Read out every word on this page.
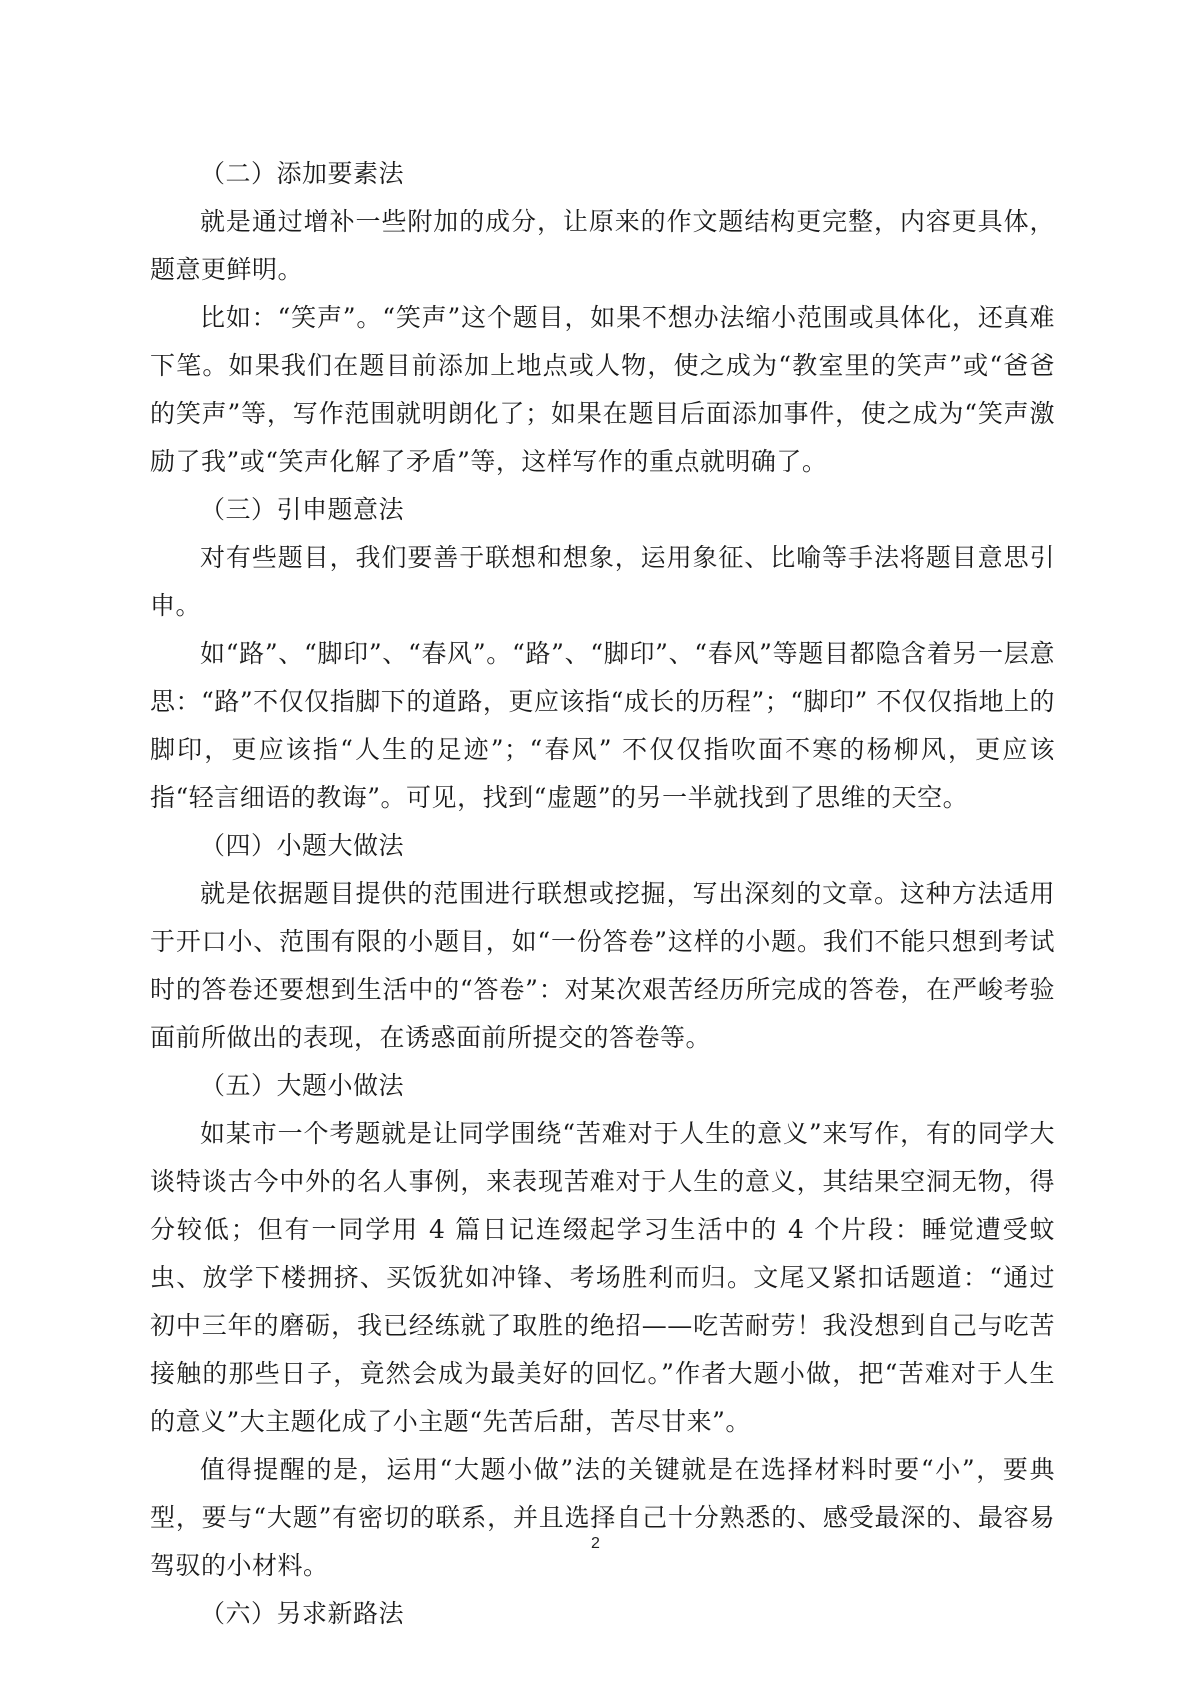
（二）添加要素法

就是通过增补一些附加的成分，让原来的作文题结构更完整，内容更具体，题意更鲜明。

比如：“笑声”。“笑声”这个题目，如果不想办法缩小范围或具体化，还真难下笔。如果我们在题目前添加上地点或人物，使之成为“教室里的笑声”或“爸爸的笑声”等，写作范围就明朗化了；如果在题目后面添加事件，使之成为“笑声激励了我”或“笑声化解了矛盾”等，这样写作的重点就明确了。

（三）引申题意法

对有些题目，我们要善于联想和想象，运用象征、比喻等手法将题目意思引申。

如“路”、“脚印”、“春风”。“路”、“脚印”、“春风”等题目都隐含着另一层意思：“路”不仅仅指脚下的道路，更应该指“成长的历程”；“脚印” 不仅仅指地上的脚印，更应该指“人生的足迹”；“春风” 不仅仅指吹面不寒的杨柳风，更应该指“轻言细语的教诲”。可见，找到“虚题”的另一半就找到了思维的天空。

（四）小题大做法

就是依据题目提供的范围进行联想或挖掘，写出深刻的文章。这种方法适用于开口小、范围有限的小题目，如“一份答卷”这样的小题。我们不能只想到考试时的答卷还要想到生活中的“答卷”：对某次艰苦经历所完成的答卷，在严峻考验面前所做出的表现，在诱惑面前所提交的答卷等。

（五）大题小做法

如某市一个考题就是让同学围绕“苦难对于人生的意义”来写作，有的同学大谈特谈古今中外的名人事例，来表现苦难对于人生的意义，其结果空洞无物，得分较低；但有一同学用 4 篇日记连缀起学习生活中的 4 个片段：睡觉遭受蚊虫、放学下楼拥挤、买饭犹如冲锋、考场胜利而归。文尾又紧扣话题道：“通过初中三年的磨砺，我已经练就了取胜的绝招——吃苦耐劳！我没想到自己与吃苦接触的那些日子，竟然会成为最美好的回忆。”作者大题小做，把“苦难对于人生的意义”大主题化成了小主题“先苦后甜，苦尽甘来”。

值得提醒的是，运用“大题小做”法的关键就是在选择材料时要“小”，要典型，要与“大题”有密切的联系，并且选择自己十分熟悉的、感受最深的、最容易驾驭的小材料。

（六）另求新路法

2
